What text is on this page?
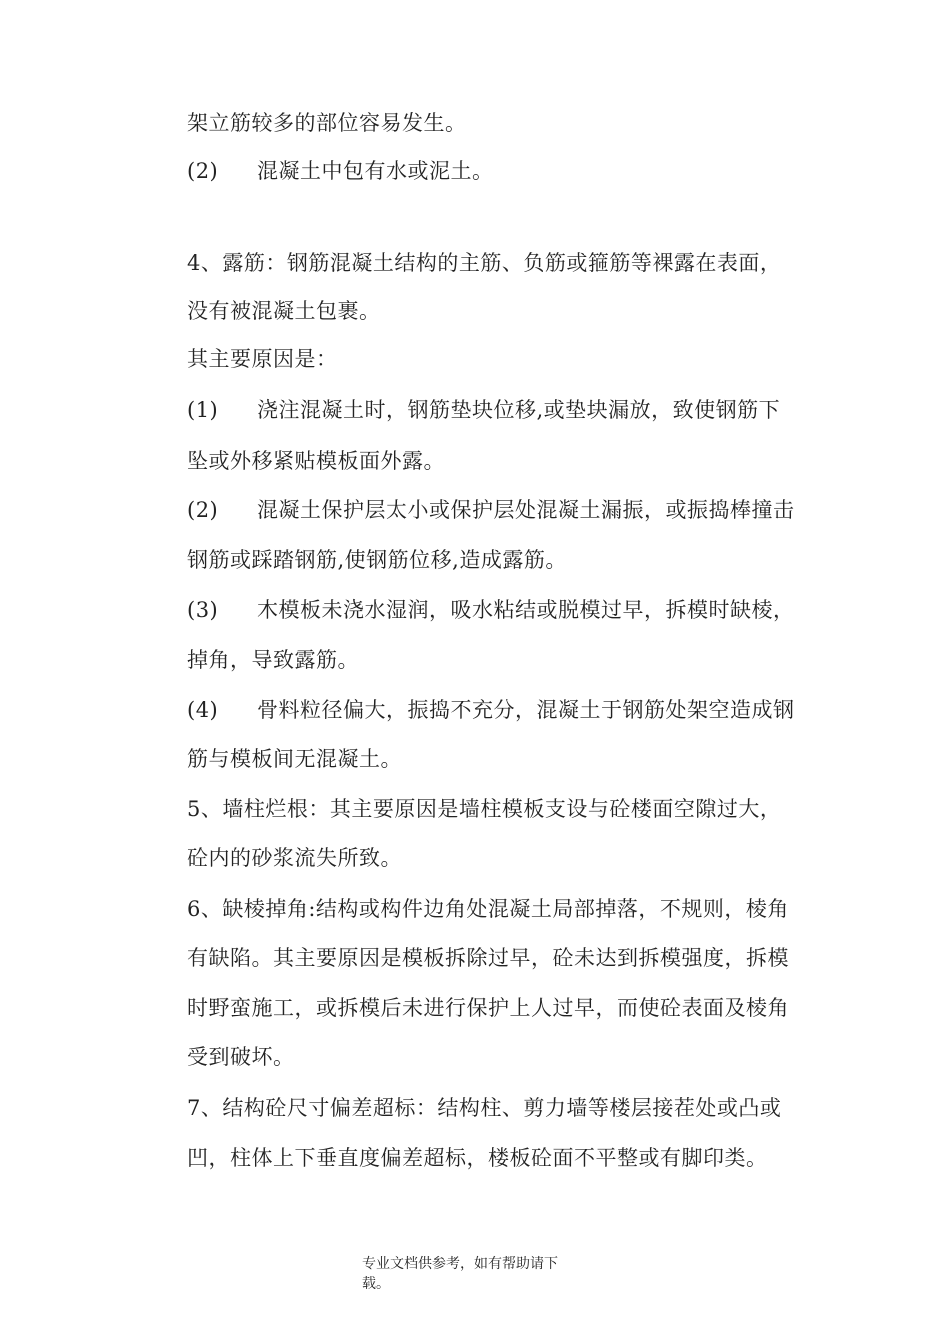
架立筋较多的部位容易发生。
(2) 混凝土中包有水或泥土。
4、露筋：钢筋混凝土结构的主筋、负筋或箍筋等裸露在表面，
没有被混凝土包裹。
其主要原因是：
(1) 浇注混凝土时，钢筋垫块位移,或垫块漏放，致使钢筋下
坠或外移紧贴模板面外露。
(2) 混凝土保护层太小或保护层处混凝土漏振，或振捣棒撞击
钢筋或踩踏钢筋,使钢筋位移,造成露筋。
(3) 木模板未浇水湿润，吸水粘结或脱模过早，拆模时缺棱，
掉角，导致露筋。
(4) 骨料粒径偏大，振捣不充分，混凝土于钢筋处架空造成钢
筋与模板间无混凝土。
5、墙柱烂根：其主要原因是墙柱模板支设与砼楼面空隙过大，
砼内的砂浆流失所致。
6、缺棱掉角:结构或构件边角处混凝土局部掉落，不规则，棱角
有缺陷。其主要原因是模板拆除过早，砼未达到拆模强度，拆模
时野蛮施工，或拆模后未进行保护上人过早，而使砼表面及棱角
受到破坏。
7、结构砼尺寸偏差超标：结构柱、剪力墙等楼层接茬处或凸或
凹，柱体上下垂直度偏差超标，楼板砼面不平整或有脚印类。
专业文档供参考，如有帮助请下
载。
